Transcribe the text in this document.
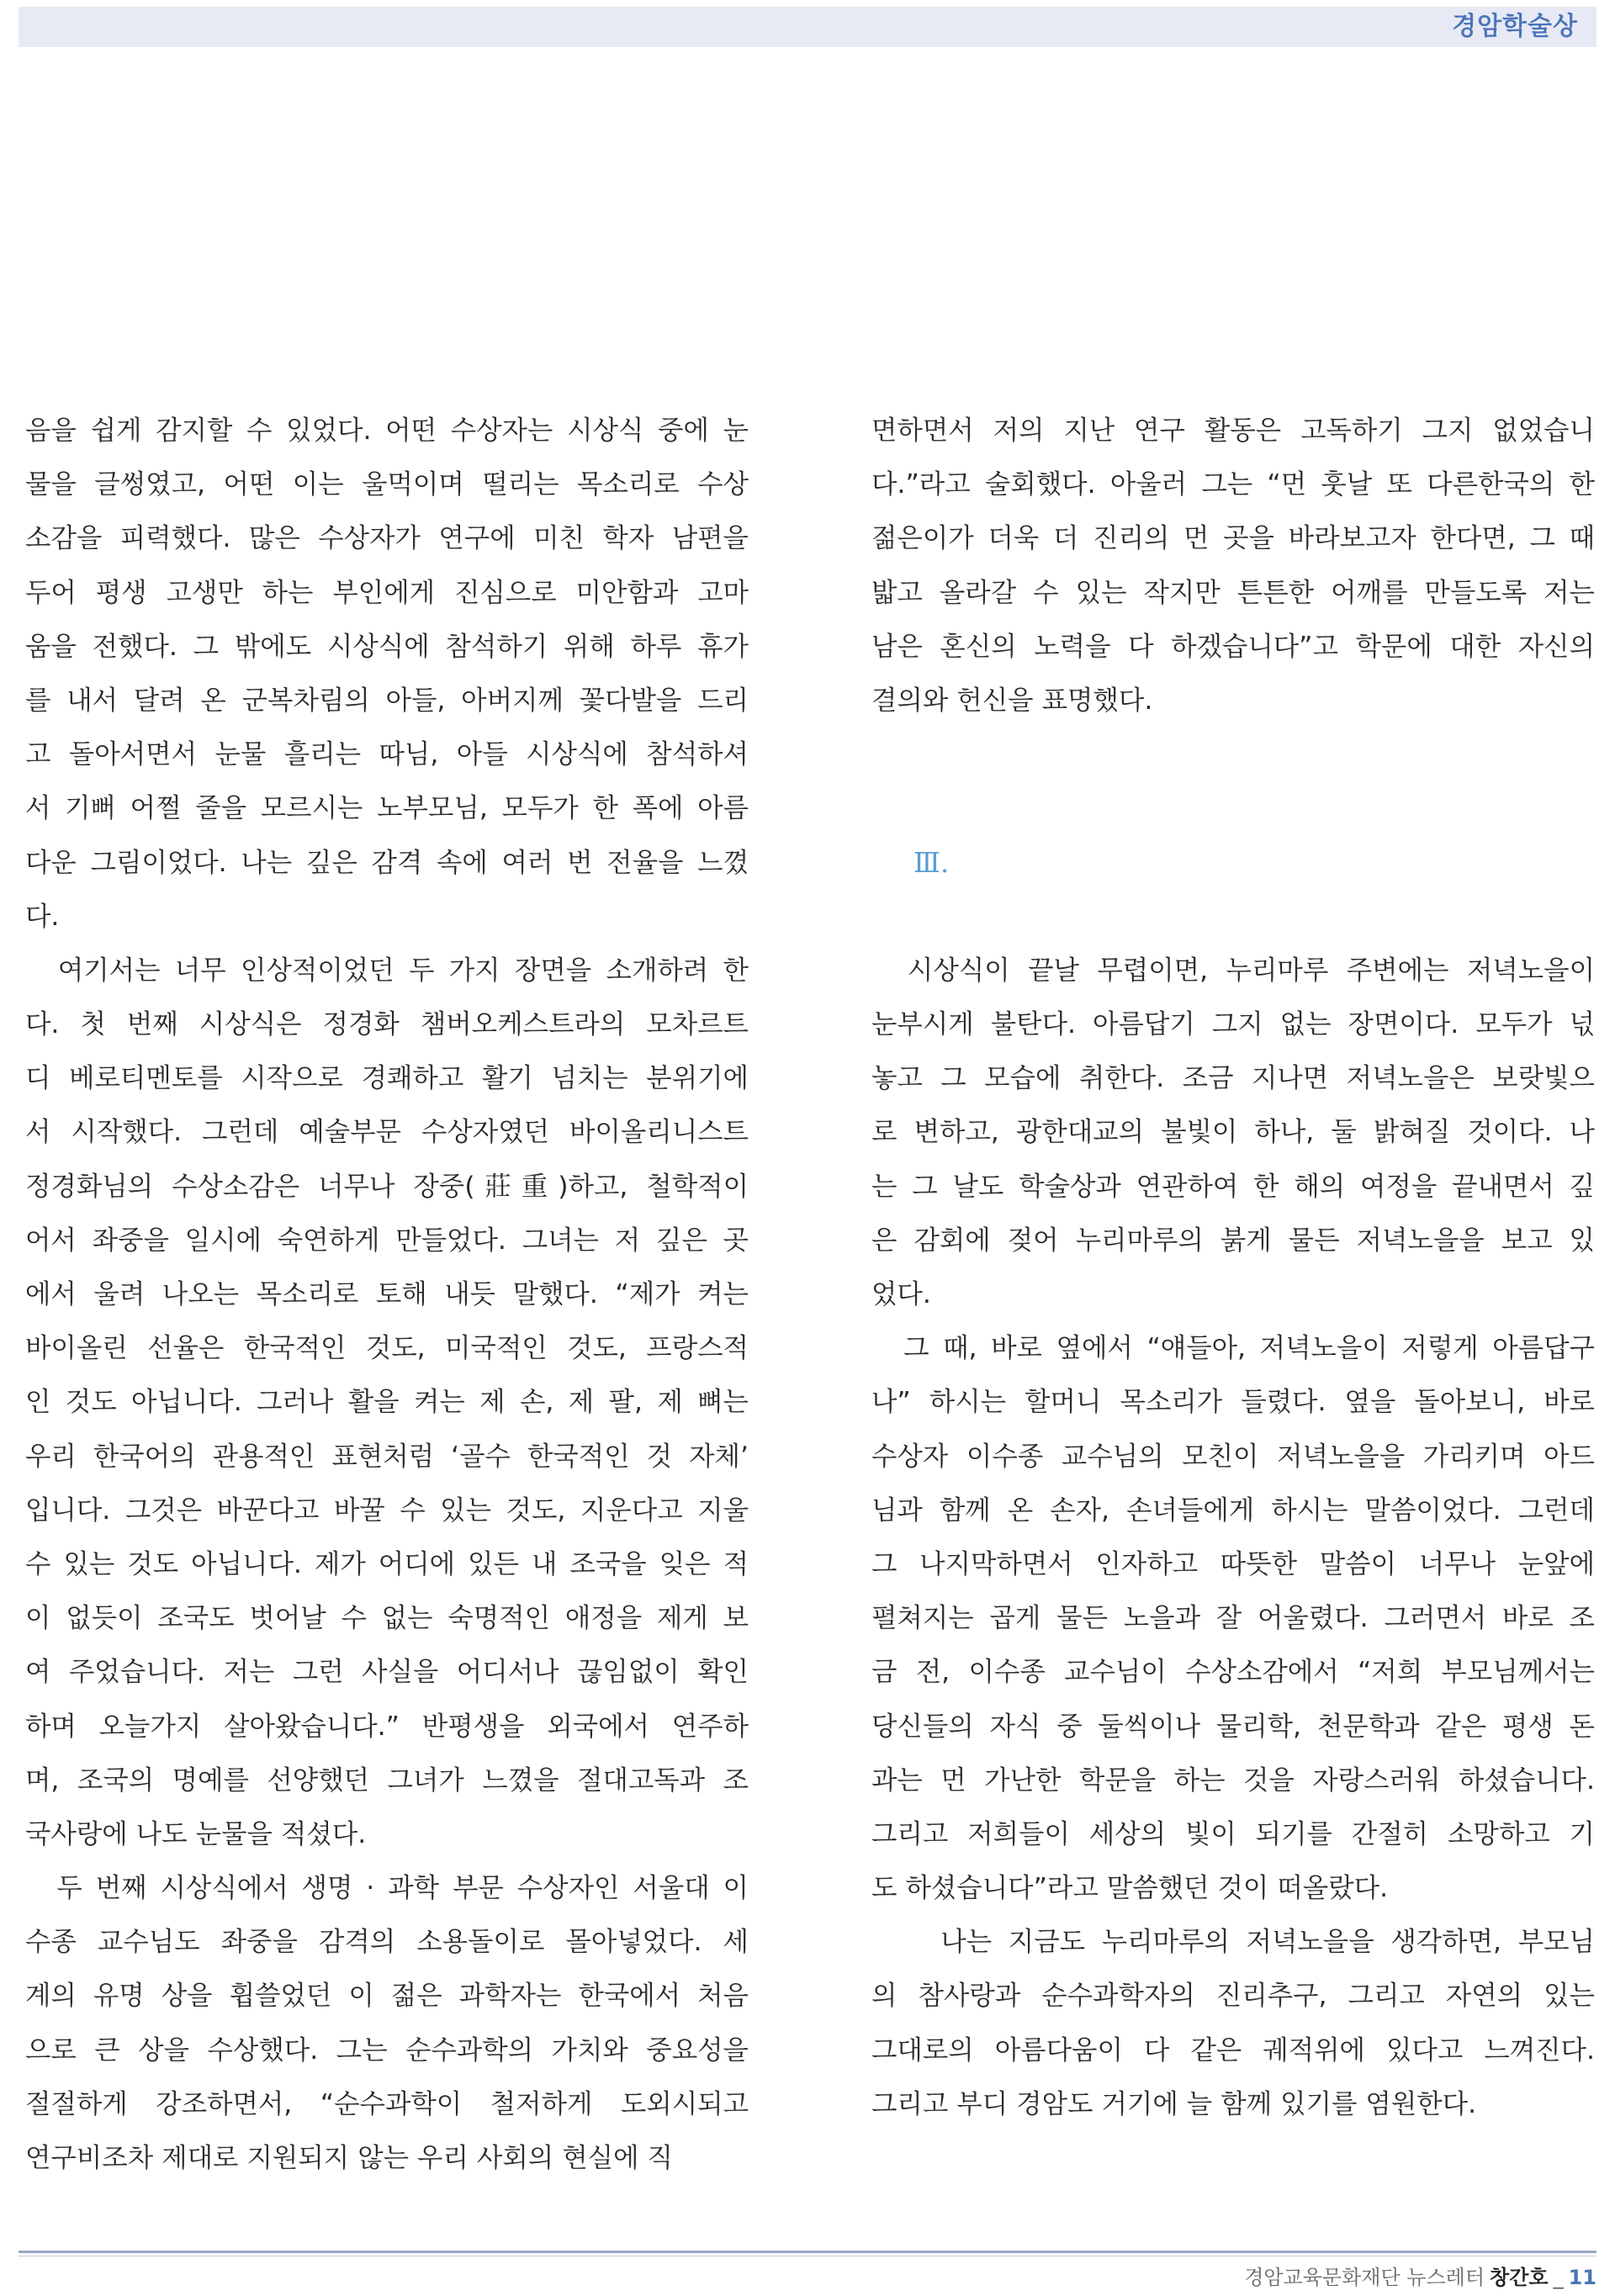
경암학술상
음을 쉽게 감지할 수 있었다. 어떤 수상자는 시상식 중에 눈
물을 글썽였고, 어떤 이는 울먹이며 떨리는 목소리로 수상
소감을 피력했다. 많은 수상자가 연구에 미친 학자 남편을
두어 평생 고생만 하는 부인에게 진심으로 미안함과 고마
움을 전했다. 그 밖에도 시상식에 참석하기 위해 하루 휴가
를 내서 달려 온 군복차림의 아들, 아버지께 꽃다발을 드리
고 돌아서면서 눈물 흘리는 따님, 아들 시상식에 참석하셔
서 기뻐 어쩔 줄을 모르시는 노부모님, 모두가 한 폭에 아름
다운 그림이었다. 나는 깊은 감격 속에 여러 번 전율을 느꼈
다.
　여기서는 너무 인상적이었던 두 가지 장면을 소개하려 한
다. 첫 번째 시상식은 정경화 챔버오케스트라의 모차르트
디 베로티멘토를 시작으로 경쾌하고 활기 넘치는 분위기에
서 시작했다. 그런데 예술부문 수상자였던 바이올리니스트
정경화님의 수상소감은 너무나 장중(莊重)하고, 철학적이
어서 좌중을 일시에 숙연하게 만들었다. 그녀는 저 깊은 곳
에서 울려 나오는 목소리로 토해 내듯 말했다. “제가 켜는
바이올린 선율은 한국적인 것도, 미국적인 것도, 프랑스적
인 것도 아닙니다. 그러나 활을 켜는 제 손, 제 팔, 제 뼈는
우리 한국어의 관용적인 표현처럼 ‘골수 한국적인 것 자체’
입니다. 그것은 바꾼다고 바꿀 수 있는 것도, 지운다고 지울
수 있는 것도 아닙니다. 제가 어디에 있든 내 조국을 잊은 적
이 없듯이 조국도 벗어날 수 없는 숙명적인 애정을 제게 보
여 주었습니다. 저는 그런 사실을 어디서나 끊임없이 확인
하며 오늘가지 살아왔습니다.” 반평생을 외국에서 연주하
며, 조국의 명예를 선양했던 그녀가 느꼈을 절대고독과 조
국사랑에 나도 눈물을 적셨다.
　두 번째 시상식에서 생명 · 과학 부문 수상자인 서울대 이
수종 교수님도 좌중을 감격의 소용돌이로 몰아넣었다. 세
계의 유명 상을 휩쓸었던 이 젊은 과학자는 한국에서 처음
으로 큰 상을 수상했다. 그는 순수과학의 가치와 중요성을
절절하게 강조하면서, “순수과학이 철저하게 도외시되고
연구비조차 제대로 지원되지 않는 우리 사회의 현실에 직
면하면서 저의 지난 연구 활동은 고독하기 그지 없었습니
다.”라고 술회했다. 아울러 그는 “먼 훗날 또 다른한국의 한
젊은이가 더욱 더 진리의 먼 곳을 바라보고자 한다면, 그 때
밟고 올라갈 수 있는 작지만 튼튼한 어깨를 만들도록 저는
남은 혼신의 노력을 다 하겠습니다”고 학문에 대한 자신의
결의와 헌신을 표명했다.
Ⅲ.
　시상식이 끝날 무렵이면, 누리마루 주변에는 저녁노을이
눈부시게 불탄다. 아름답기 그지 없는 장면이다. 모두가 넋
놓고 그 모습에 취한다. 조금 지나면 저녁노을은 보랏빛으
로 변하고, 광한대교의 불빛이 하나, 둘 밝혀질 것이다. 나
는 그 날도 학술상과 연관하여 한 해의 여정을 끝내면서 깊
은 감회에 젖어 누리마루의 붉게 물든 저녁노을을 보고 있
었다.
　그 때, 바로 옆에서 “얘들아, 저녁노을이 저렇게 아름답구
나” 하시는 할머니 목소리가 들렸다. 옆을 돌아보니, 바로
수상자 이수종 교수님의 모친이 저녁노을을 가리키며 아드
님과 함께 온 손자, 손녀들에게 하시는 말씀이었다. 그런데
그 나지막하면서 인자하고 따뜻한 말씀이 너무나 눈앞에
펼쳐지는 곱게 물든 노을과 잘 어울렸다. 그러면서 바로 조
금 전, 이수종 교수님이 수상소감에서 “저희 부모님께서는
당신들의 자식 중 둘씩이나 물리학, 천문학과 같은 평생 돈
과는 먼 가난한 학문을 하는 것을 자랑스러워 하셨습니다.
그리고 저희들이 세상의 빛이 되기를 간절히 소망하고 기
도 하셨습니다”라고 말씀했던 것이 떠올랐다.
　　나는 지금도 누리마루의 저녁노을을 생각하면, 부모님
의 참사랑과 순수과학자의 진리추구, 그리고 자연의 있는
그대로의 아름다움이 다 같은 궤적위에 있다고 느껴진다.
그리고 부디 경암도 거기에 늘 함께 있기를 염원한다.
경암교육문화재단 뉴스레터 창간호 _ 11
